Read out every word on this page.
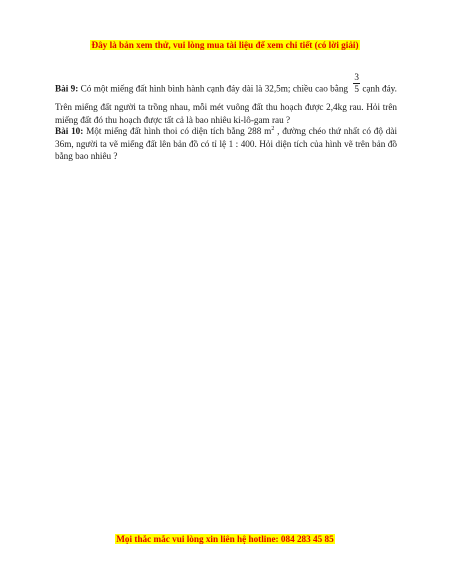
Đây là bản xem thử, vui lòng mua tài liệu để xem chi tiết (có lời giải)
Bài 9: Có một miếng đất hình bình hành cạnh đáy dài là 32,5m; chiều cao bằng $\frac{3}{5}$ cạnh đáy. Trên miếng đất người ta trồng nhau, mỗi mét vuông đất thu hoạch được 2,4kg rau. Hỏi trên miếng đất đó thu hoạch được tất cả là bao nhiêu ki-lô-gam rau ?
Bài 10: Một miếng đất hình thoi có diện tích bằng 288 $m^2$ , đường chéo thứ nhất có độ dài 36m, người ta vẽ miếng đất lên bản đồ có tỉ lệ 1 : 400. Hỏi diện tích của hình vẽ trên bản đồ bằng bao nhiêu ?
Mọi thắc mắc vui lòng xin liên hệ hotline: 084 283 45 85
